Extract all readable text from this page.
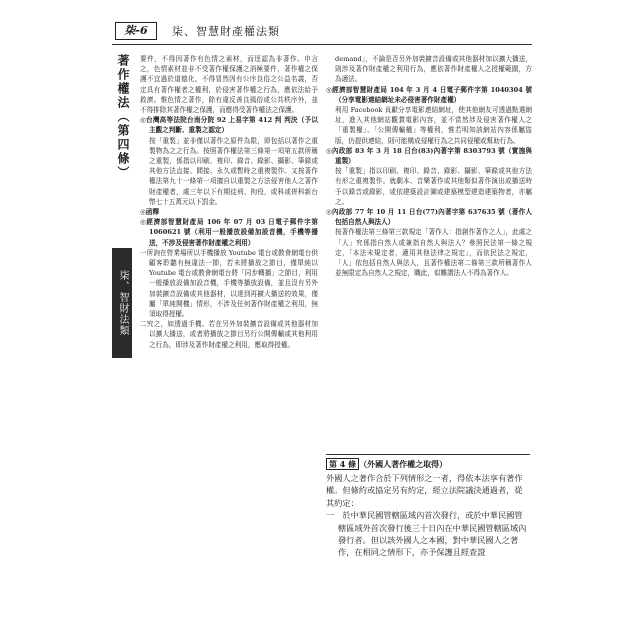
柒-6	柒、智慧財產權法類
著作權法（第四條）
柒、智財法類

要件，不得因著作有色情之素材，而逕認為非著作。申言之，色情素材並非不受著作權保護之消極要件，著作權之保護不宜過於道德化，不得冒然因有公序良俗之公益名義，否定具有著作權者之權利，於侵害著作權之行為，應依法給予救濟。惟色情之著作，除有違反善良風俗或公共秩序外，並不得排除其著作權之保護，而應得受著作權法之保護。

◎台灣高等法院台南分院 92 上易字第 412 判 判決（予以主觀之判斷、重製之認定）

按「重製」並非僅以著作之原件為限，即包括以著作之重製物為之之行為。按照著作權法第三條第一項第五款所稱之重製，係指以印刷、複印、錄音、錄影、攝影、筆錄或其他方法直接、間接、永久或暫時之重複製作。又按著作權法第九十一條第一項擅自以重製之方法侵害他人之著作財產權者，處三年以下有期徒刑、拘役，或科或併科新台幣七十五萬元以下罰金。

◎函釋

◎經濟部智慧財產局 106 年 07 月 03 日電子郵件字第 1060621 號（利用一般播放設備加設音機，手機等播送，不涉及侵害著作財產權之利用）

一所詢在營業場所以手機播放 Youtube 電台或教會網電台供顧客聆聽有無違法一節，若未將播放之節目，僅單純以 Youtube 電台或教會網電台將「同步轉播」之節目，利用一般播放設備加設音機，手機等播放設備，並且沒有另外加裝擴音設備或其他器材，以達到再擴大播送的效果，僅屬「單純開機」情形，不涉及任何著作財產權之利用，無須取得授權。

二究之，如透過手機、若在另外加裝擴音設備或其他器材加以擴大播送，或者將播放之節目另行公開傳輸或其他利用之行為，即涉及著作財產權之利用，應取得授權。

demand」，不論是否另外加裝擴音設備或其他器材加以擴大播送，則涉及著作財產權之利用行為，應依著作財產權人之授權範圍，方為適法。

◎經濟部智慧財產局 104 年 3 月 4 日電子郵件字第 1040304 號（分享電影連結網址未必侵害著作財產權）

利用 Facebook 貢獻分享電影連結網址，使其他網友可透過點選網址，進入其他網站觀賞電影內容，並不當然涉及侵害著作權人之「重製權」、「公開傳輸權」等權利，惟若明知該網站內容係屬盜版，仍提供連結，則可能構成侵權行為之共同侵權或幫助行為。

◎內政部 83 年 3 月 18 日台(83)內著字第 8303793 號（實施與重製）

按「重製」指以印刷、複印、錄音、錄影、攝影、筆錄或其他方法有形之重複製作。就劇本、音樂著作或其他類似著作演出或播送時予以錄音或錄影，或依建築設計圖或建築模型建造建築物者，亦屬之。

◎內政部 77 年 10 月 11 日台(77)內著字第 637635 號（著作人包括自然人與法人）

按著作權法第三條第三款規定「著作人：指創作著作之人」，此處之「人」究係指自然人或兼指自然人與法人？參照民法第一條之規定，「本法未規定者，適用其他法律之規定」，而依民法之規定，「人」依包括自然人與法人，且著作權法第二條第三款所稱著作人並無限定為自然人之規定，職此，似難謂法人不得為著作人。

第 4 條 （外國人著作權之取得）

外國人之著作合於下列情形之一者，得依本法享有著作權。但條約或協定另有約定，經立法院議決通過者，從其約定：

一　於中華民國管轄區域內首次發行，或於中華民國管轄區域外首次發行後三十日內在中華民國管轄區域內發行者。但以該外國人之本國，對中華民國人之著作，在相同之情形下，亦予保護且經查證
